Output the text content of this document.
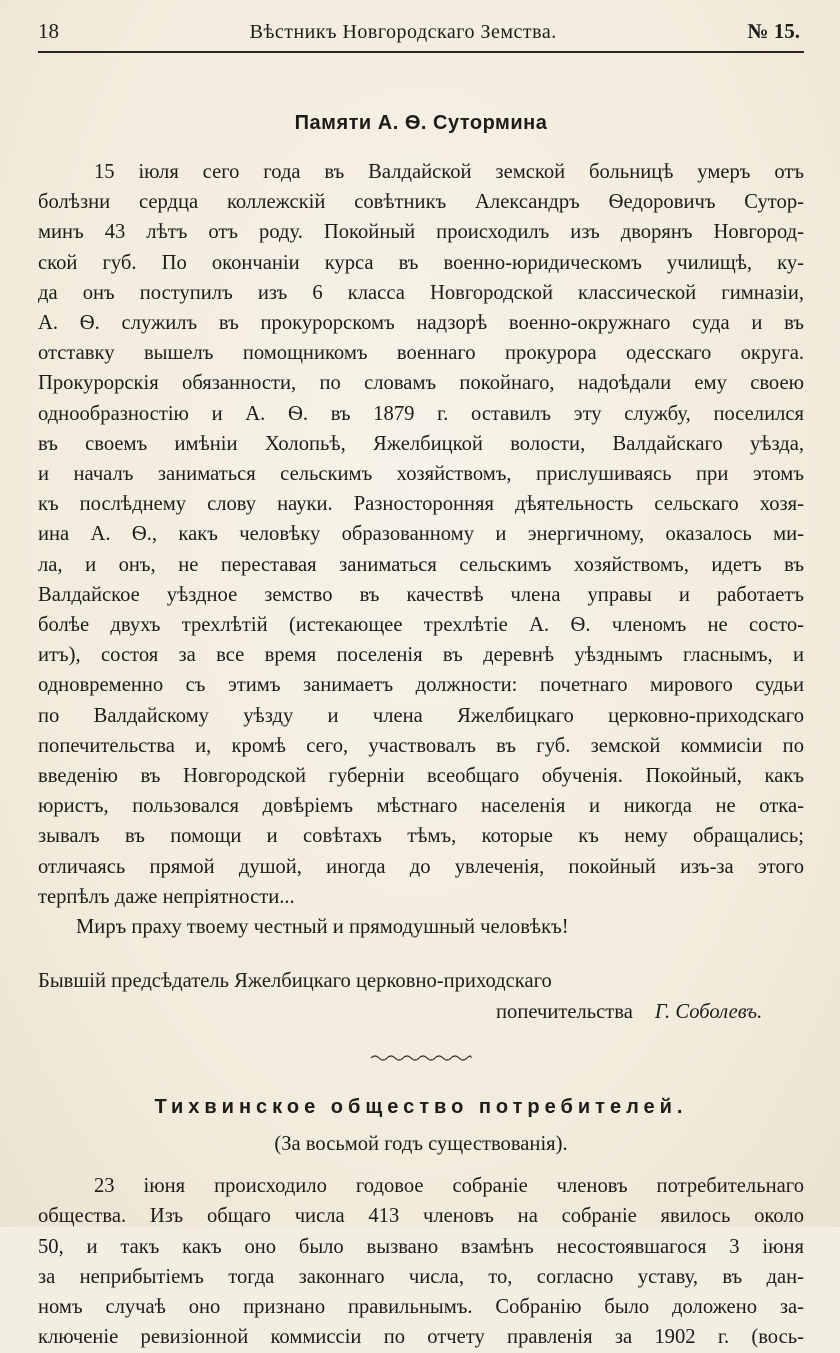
18	Вѣстникъ Новгородскаго Земства.	№ 15.
Памяти А. Ѳ. Сутормина
15 іюля сего года въ Валдайской земской больницѣ умеръ отъ
болѣзни сердца коллежскій совѣтникъ Александръ Ѳедоровичъ Сутор-
минъ 43 лѣтъ отъ роду. Покойный происходилъ изъ дворянъ Новгород-
ской губ. По окончаніи курса въ военно-юридическомъ училищѣ, ку-
да онъ поступилъ изъ 6 класса Новгородской классической гимназіи,
А. Ѳ. служилъ въ прокурорскомъ надзорѣ военно-окружнаго суда и въ
отставку вышелъ помощникомъ военнаго прокурора одесскаго округа.
Прокурорскія обязанности, по словамъ покойнаго, надоѣдали ему своею
однообразностію и А. Ѳ. въ 1879 г. оставилъ эту службу, поселился
въ своемъ имѣніи Холопьѣ, Яжелбицкой волости, Валдайскаго уѣзда,
и началъ заниматься сельскимъ хозяйствомъ, прислушиваясь при этомъ
къ послѣднему слову науки. Разносторонняя дѣятельность сельскаго хозя-
ина А. Ѳ., какъ человѣку образованному и энергичному, оказалось ми-
ла, и онъ, не переставая заниматься сельскимъ хозяйствомъ, идетъ въ
Валдайское уѣздное земство въ качествѣ члена управы и работаетъ
болѣе двухъ трехлѣтій (истекающее трехлѣтіе А. Ѳ. членомъ не состо-
итъ), состоя за все время поселенія въ деревнѣ уѣзднымъ гласнымъ, и
одновременно съ этимъ занимаетъ должности: почетнаго мирового судьи
по Валдайскому уѣзду и члена Яжелбицкаго церковно-приходскаго
попечительства и, кромѣ сего, участвовалъ въ губ. земской коммисіи по
введенію въ Новгородской губерніи всеобщаго обученія. Покойный, какъ
юристъ, пользовался довѣріемъ мѣстнаго населенія и никогда не отка-
зывалъ въ помощи и совѣтахъ тѣмъ, которые къ нему обращались;
отличаясь прямой душой, иногда до увлеченія, покойный изъ-за этого
терпѣлъ даже непріятности...
Миръ праху твоему честный и прямодушный человѣкъ!
Бывшій предсѣдатель Яжелбицкаго церковно-приходскаго
попечительства Г. Соболевъ.
Тихвинское общество потребителей.
(За восьмой годъ существованія).
23 іюня происходило годовое собраніе членовъ потребительнаго
общества. Изъ общаго числа 413 членовъ на собраніе явилось около
50, и такъ какъ оно было вызвано взамѣнъ несостоявшагося 3 іюня
за неприбытіемъ тогда законнаго числа, то, согласно уставу, въ дан-
номъ случаѣ оно признано правильнымъ. Собранію было доложено за-
ключеніе ревизіонной коммиссіи по отчету правленія за 1902 г. (вось-
